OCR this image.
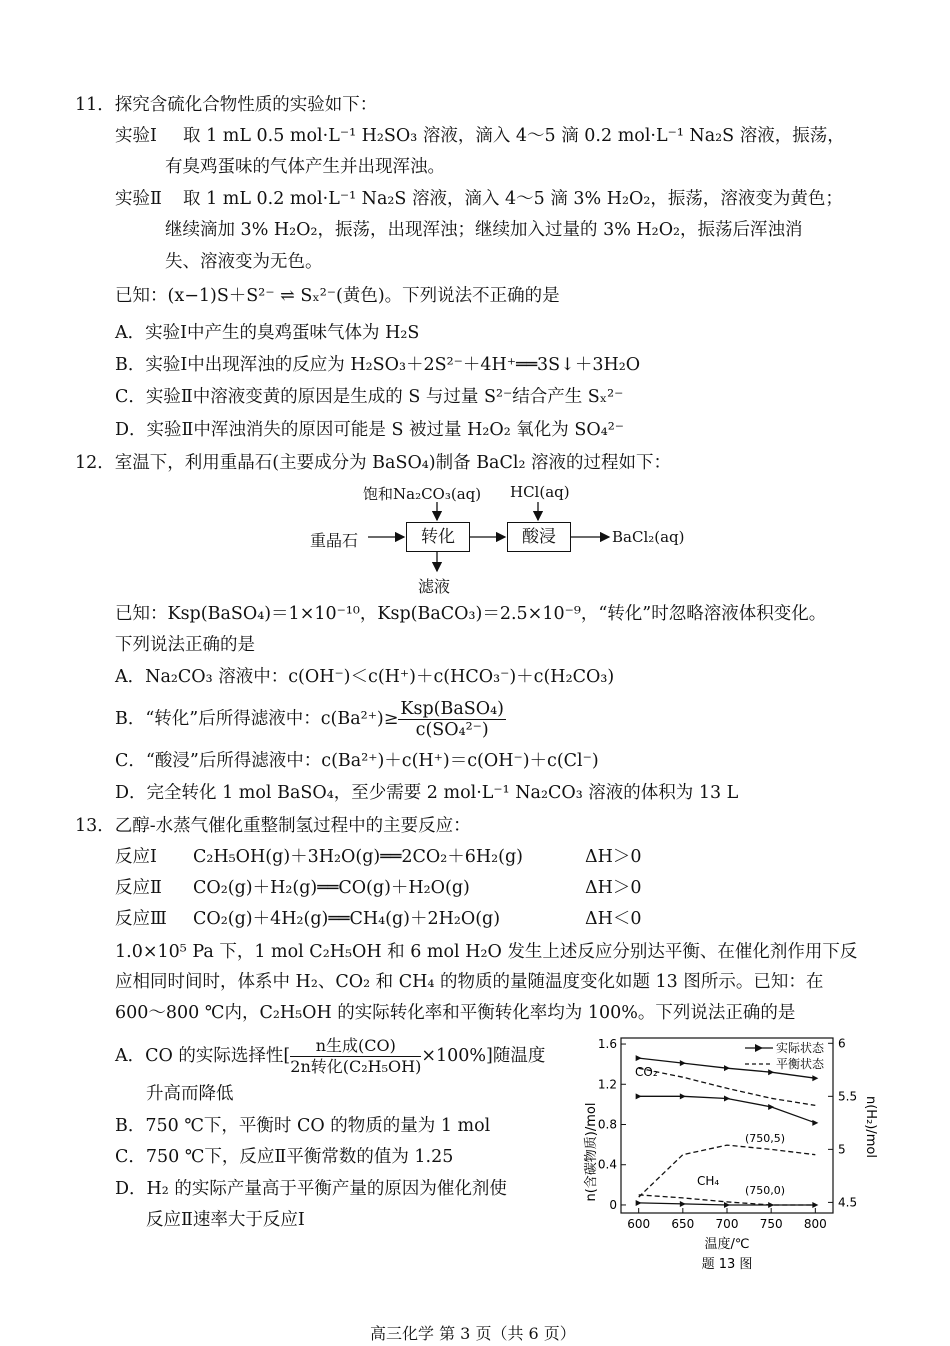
11．探究含硫化合物性质的实验如下：
实验Ⅰ 取 1 mL 0.5 mol·L⁻¹ H₂SO₃ 溶液，滴入 4～5 滴 0.2 mol·L⁻¹ Na₂S 溶液，振荡，
有臭鸡蛋味的气体产生并出现浑浊。
实验Ⅱ 取 1 mL 0.2 mol·L⁻¹ Na₂S 溶液，滴入 4～5 滴 3% H₂O₂，振荡，溶液变为黄色；
继续滴加 3% H₂O₂，振荡，出现浑浊；继续加入过量的 3% H₂O₂，振荡后浑浊消
失、溶液变为无色。
已知：(x−1)S＋S²⁻ ⇌ Sₓ²⁻(黄色)。下列说法不正确的是
A．实验Ⅰ中产生的臭鸡蛋味气体为 H₂S
B．实验Ⅰ中出现浑浊的反应为 H₂SO₃＋2S²⁻＋4H⁺══3S↓＋3H₂O
C．实验Ⅱ中溶液变黄的原因是生成的 S 与过量 S²⁻结合产生 Sₓ²⁻
D．实验Ⅱ中浑浊消失的原因可能是 S 被过量 H₂O₂ 氧化为 SO₄²⁻
12．室温下，利用重晶石(主要成分为 BaSO₄)制备 BaCl₂ 溶液的过程如下：
饱和Na₂CO₃(aq) HCl(aq)
重晶石	转化	酸浸	BaCl₂(aq)
滤液
已知：Ksp(BaSO₄)＝1×10⁻¹⁰，Ksp(BaCO₃)＝2.5×10⁻⁹，“转化”时忽略溶液体积变化。
下列说法正确的是
A．Na₂CO₃ 溶液中：c(OH⁻)＜c(H⁺)＋c(HCO₃⁻)＋c(H₂CO₃)
B．“转化”后所得滤液中：$c(Ba^{2+})\ge \frac{\text{Ksp(BaSO₄)}}{\text{c(SO₄²⁻)}}$
C．“酸浸”后所得滤液中：c(Ba²⁺)＋c(H⁺)＝c(OH⁻)＋c(Cl⁻)
D．完全转化 1 mol BaSO₄，至少需要 2 mol·L⁻¹ Na₂CO₃ 溶液的体积为 13 L
13．乙醇-水蒸气催化重整制氢过程中的主要反应：
反应Ⅰ C₂H₅OH(g)＋3H₂O(g)══2CO₂＋6H₂(g)	ΔH＞0
反应Ⅱ CO₂(g)＋H₂(g)══CO(g)＋H₂O(g)	ΔH＞0
反应Ⅲ CO₂(g)＋4H₂(g)══CH₄(g)＋2H₂O(g)	ΔH＜0
1.0×10⁵ Pa 下，1 mol C₂H₅OH 和 6 mol H₂O 发生上述反应分别达平衡、在催化剂作用下反
应相同时间时，体系中 H₂、CO₂ 和 CH₄ 的物质的量随温度变化如题 13 图所示。已知：在
600～800 ℃内，C₂H₅OH 的实际转化率和平衡转化率均为 100%。下列说法正确的是
A．CO 的实际选择性[ $\frac{\text{n生成(CO)}}{\text{2n转化(C₂H₅OH)}} \times 100\%$]随温度
升高而降低
B．750 ℃下，平衡时 CO 的物质的量为 1 mol
C．750 ℃下，反应Ⅱ平衡常数的值为 1.25
D．H₂ 的实际产量高于平衡产量的原因为催化剂使
反应Ⅱ速率大于反应Ⅰ
0
0.4
0.8
1.2
1.6
4.5
5
5.5
6
600 650 700 750 800
n(含碳物质)/mol	n(H₂)/mol
温度/℃
题 13 图
实际状态
平衡状态
CO₂
CH₄
(750,5)
(750,0)
高三化学 第 3 页（共 6 页）
